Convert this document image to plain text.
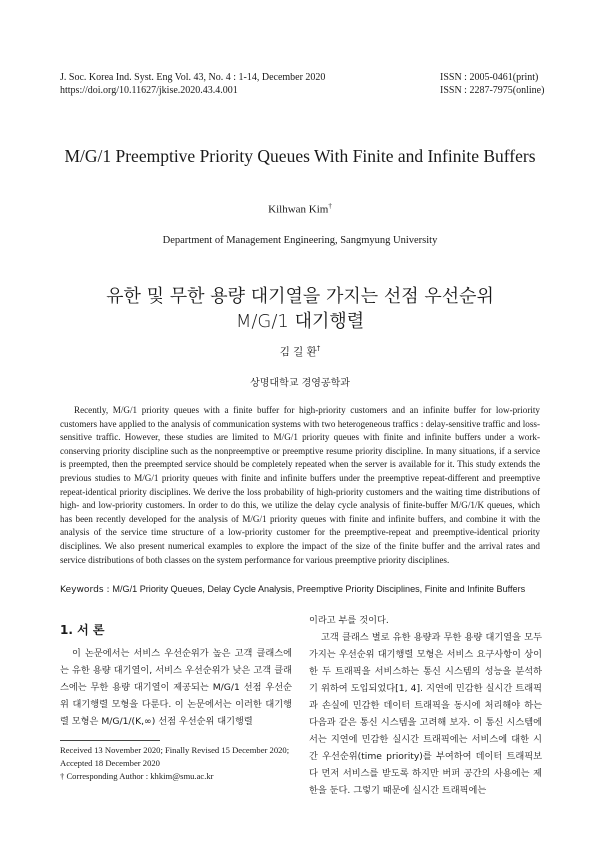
J. Soc. Korea Ind. Syst. Eng Vol. 43, No. 4 : 1-14, December 2020
https://doi.org/10.11627/jkise.2020.43.4.001
ISSN : 2005-0461(print)
ISSN : 2287-7975(online)
M/G/1 Preemptive Priority Queues With Finite and Infinite Buffers
Kilhwan Kim†
Department of Management Engineering, Sangmyung University
유한 및 무한 용량 대기열을 가지는 선점 우선순위
M/G/1 대기행렬
김 길 환†
상명대학교 경영공학과
Recently, M/G/1 priority queues with a finite buffer for high-priority customers and an infinite buffer for low-priority customers have applied to the analysis of communication systems with two heterogeneous traffics : delay-sensitive traffic and loss-sensitive traffic. However, these studies are limited to M/G/1 priority queues with finite and infinite buffers under a work-conserving priority discipline such as the nonpreemptive or preemptive resume priority discipline. In many situations, if a service is preempted, then the preempted service should be completely repeated when the server is available for it. This study extends the previous studies to M/G/1 priority queues with finite and infinite buffers under the preemptive repeat-different and preemptive repeat-identical priority disciplines. We derive the loss probability of high-priority customers and the waiting time distributions of high- and low-priority customers. In order to do this, we utilize the delay cycle analysis of finite-buffer M/G/1/K queues, which has been recently developed for the analysis of M/G/1 priority queues with finite and infinite buffers, and combine it with the analysis of the service time structure of a low-priority customer for the preemptive-repeat and preemptive-identical priority disciplines. We also present numerical examples to explore the impact of the size of the finite buffer and the arrival rates and service distributions of both classes on the system performance for various preemptive priority disciplines.
Keywords : M/G/1 Priority Queues, Delay Cycle Analysis, Preemptive Priority Disciplines, Finite and Infinite Buffers
1. 서 론
이 논문에서는 서비스 우선순위가 높은 고객 클래스에는 유한 용량 대기열이, 서비스 우선순위가 낮은 고객 클래스에는 무한 용량 대기열이 제공되는 M/G/1 선점 우선순위 대기행렬 모형을 다룬다. 이 논문에서는 이러한 대기행렬 모형은 M/G/1/(K,∞) 선점 우선순위 대기행렬

이라고 부를 것이다.

고객 클래스 별로 유한 용량과 무한 용량 대기열을 모두 가지는 우선순위 대기행렬 모형은 서비스 요구사항이 상이한 두 트래픽을 서비스하는 통신 시스템의 성능을 분석하기 위하여 도입되었다[1, 4]. 지연에 민감한 실시간 트래픽과 손실에 민감한 데이터 트래픽을 동시에 처리해야 하는 다음과 같은 통신 시스템을 고려해 보자. 이 통신 시스템에서는 지연에 민감한 실시간 트래픽에는 서비스에 대한 시간 우선순위(time priority)를 부여하여 데이터 트래픽보다 먼저 서비스를 받도록 하지만 버퍼 공간의 사용에는 제한을 둔다. 그렇기 때문에 실시간 트래픽에는

Received 13 November 2020; Finally Revised 15 December 2020;
Accepted 18 December 2020
† Corresponding Author : khkim@smu.ac.kr
